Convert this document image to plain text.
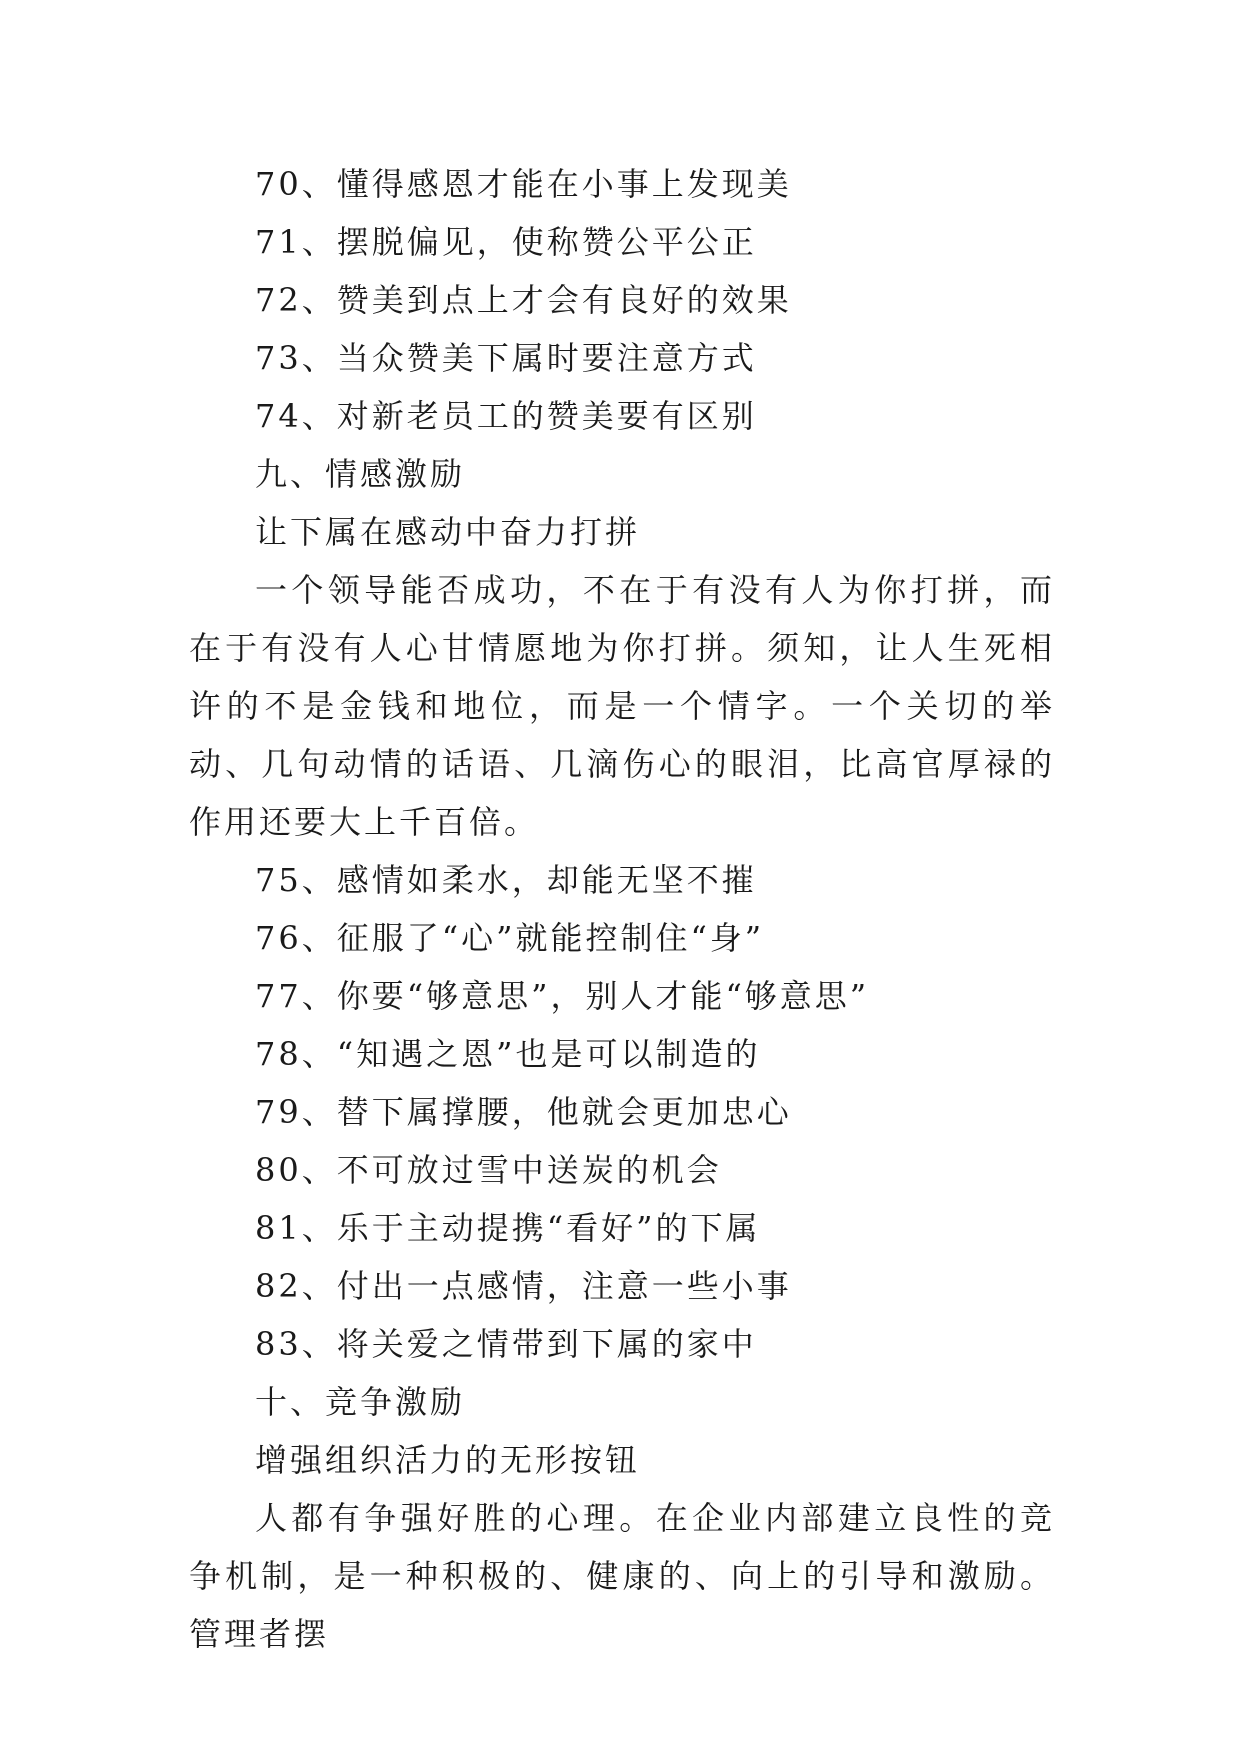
70、懂得感恩才能在小事上发现美
71、摆脱偏见，使称赞公平公正
72、赞美到点上才会有良好的效果
73、当众赞美下属时要注意方式
74、对新老员工的赞美要有区别
九、情感激励
让下属在感动中奋力打拼
一个领导能否成功，不在于有没有人为你打拼，而在于有没有人心甘情愿地为你打拼。须知，让人生死相许的不是金钱和地位，而是一个情字。一个关切的举动、几句动情的话语、几滴伤心的眼泪，比高官厚禄的作用还要大上千百倍。
75、感情如柔水，却能无坚不摧
76、征服了“心”就能控制住“身”
77、你要“够意思”，别人才能“够意思”
78、“知遇之恩”也是可以制造的
79、替下属撑腰，他就会更加忠心
80、不可放过雪中送炭的机会
81、乐于主动提携“看好”的下属
82、付出一点感情，注意一些小事
83、将关爱之情带到下属的家中
十、竞争激励
增强组织活力的无形按钮
人都有争强好胜的心理。在企业内部建立良性的竞争机制，是一种积极的、健康的、向上的引导和激励。管理者摆
